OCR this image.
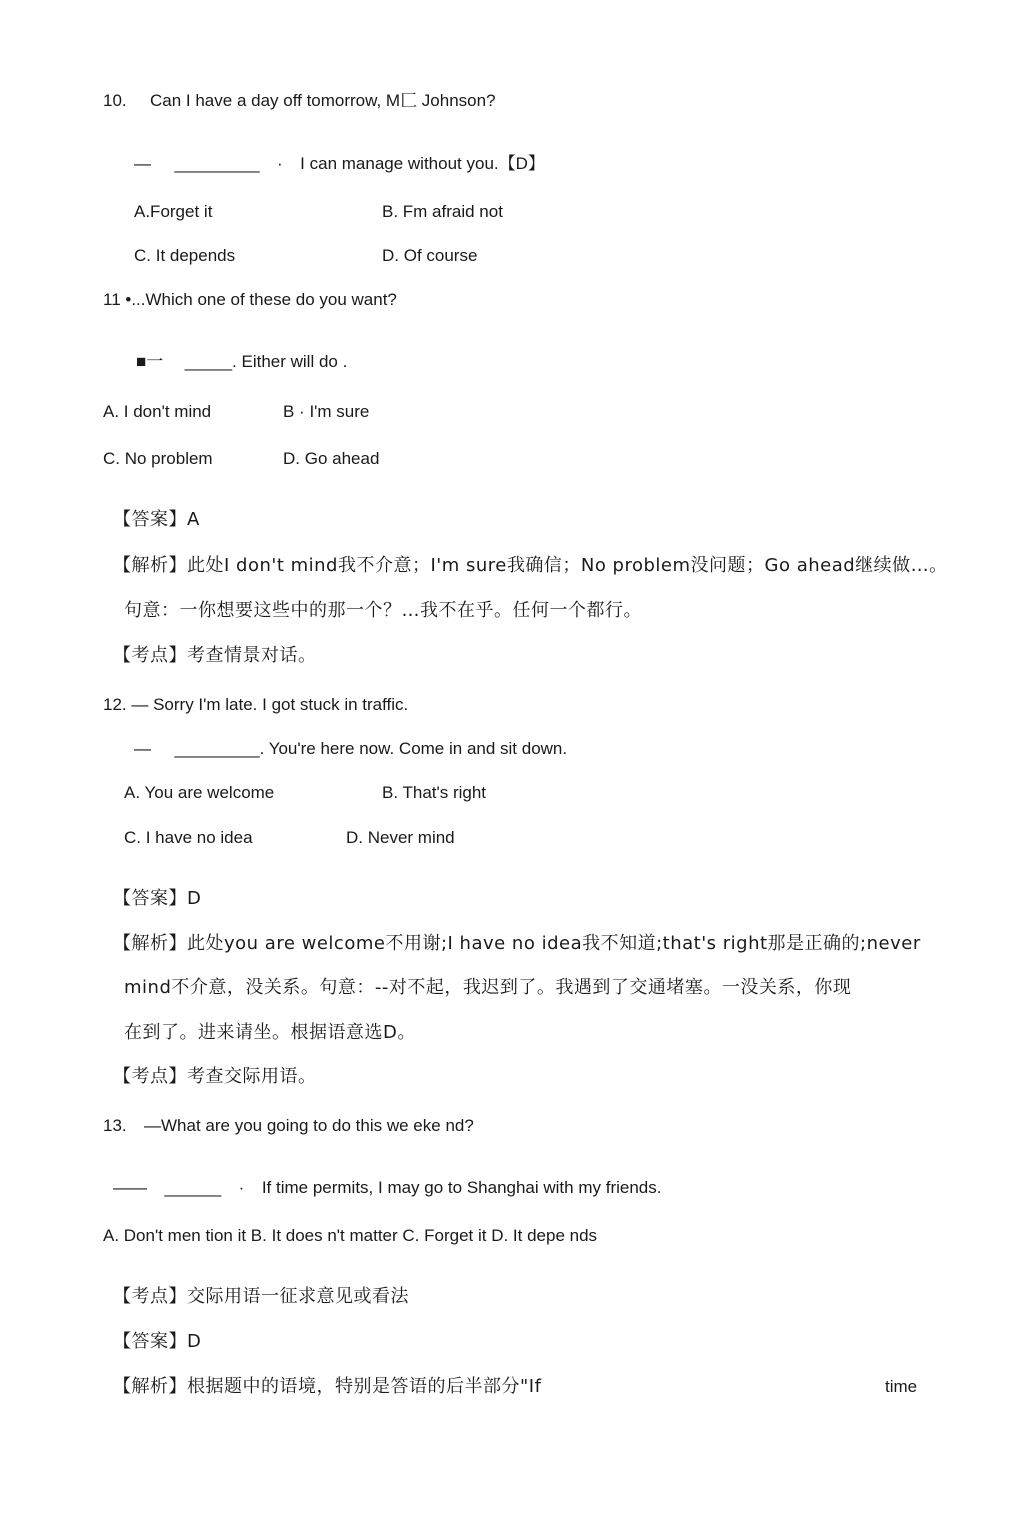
10. Can I have a day off tomorrow, M匚 Johnson?
— _________ · I can manage without you.【D】
A.Forget it	B. Fm afraid not
C. It depends	D. Of course
11 •...Which one of these do you want?
■一 _____. Either will do .
A. I don't mind	B · I'm sure
C. No problem	D. Go ahead
【答案】A
【解析】此处I don't mind我不介意；I'm sure我确信；No problem没问题；Go ahead继续做…。
句意：一你想要这些中的那一个？…我不在乎。任何一个都行。
【考点】考查情景对话。
12. — Sorry I'm late. I got stuck in traffic.
— _________. You're here now. Come in and sit down.
A. You are welcome	B. That's right
C. I have no idea	D. Never mind
【答案】D
【解析】此处you are welcome不用谢;I have no idea我不知道;that's right那是正确的;never
mind不介意，没关系。句意：--对不起，我迟到了。我遇到了交通堵塞。一没关系，你现
在到了。进来请坐。根据语意选D。
【考点】考查交际用语。
13. —What are you going to do this we eke nd?
—— ______ · If time permits, I may go to Shanghai with my friends.
A. Don't men tion it B. It does n't matter C. Forget it D. It depe nds
【考点】交际用语一征求意见或看法
【答案】D
【解析】根据题中的语境，特别是答语的后半部分"If	time
